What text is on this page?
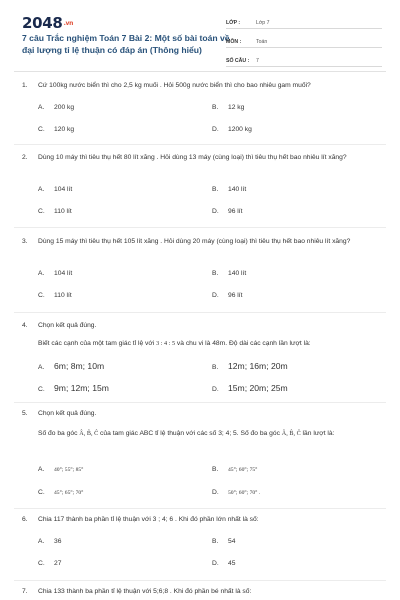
2048.vn
7 câu Trắc nghiệm Toán 7 Bài 2: Một số bài toán về đại lượng tỉ lệ thuận có đáp án (Thông hiểu)
LỚP :	Lớp 7
MÔN :	Toán
SỐ CÂU :	7
1. Cứ 100kg nước biển thì cho 2,5 kg muối . Hỏi 500g nước biển thì cho bao nhiêu gam muối?
A. 200 kg	B. 12 kg
C. 120 kg	D. 1200 kg
2. Dùng 10 máy thì tiêu thụ hết 80 lít xăng . Hỏi dùng 13 máy (cùng loại) thì tiêu thụ hết bao nhiêu lít xăng?
A. 104 lít	B. 140 lít
C. 110 lít	D. 96 lít
3. Dùng 15 máy thì tiêu thụ hết 105 lít xăng . Hỏi dùng 20 máy (cùng loại) thì tiêu thụ hết bao nhiêu lít xăng?
A. 104 lít	B. 140 lít
C. 110 lít	D. 96 lít
4. Chọn kết quả đúng.
Biết các cạnh của một tam giác tỉ lệ với 3 : 4 : 5 và chu vi là 48m. Độ dài các cạnh lần lượt là:
A. 6m; 8m; 10m	B. 12m; 16m; 20m
C. 9m; 12m; 15m	D. 15m; 20m; 25m
5. Chọn kết quả đúng.
Số đo ba góc Â, B̂, Ĉ của tam giác ABC tỉ lệ thuận với các số 3; 4; 5. Số đo ba góc Â, B̂, Ĉ lần lượt là:
A. 40°; 55°; 85°	B. 45°; 60°; 75°
C. 45°; 65°; 70°	D. 50°; 60°; 70° .
6. Chia 117 thành ba phần tỉ lệ thuận với 3 ; 4; 6 . Khi đó phần lớn nhất là số:
A. 36	B. 54
C. 27	D. 45
7. Chia 133 thành ba phần tỉ lệ thuận với 5;6;8 . Khi đó phần bé nhất là số:
